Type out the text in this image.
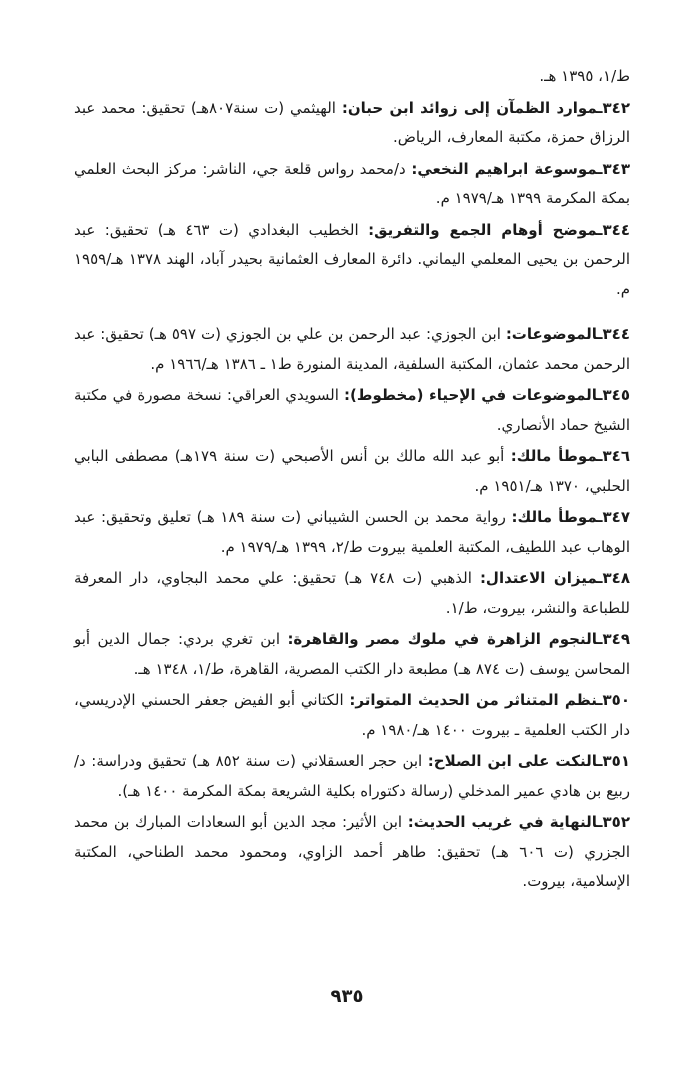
ط/١، ١٣٩٥ هـ.

٣٤٢ـموارد الظمآن إلى زوائد ابن حبان: الهيثمي (ت سنة٨٠٧هـ) تحقيق: محمد عبد الرزاق حمزة، مكتبة المعارف، الرياض.

٣٤٣ـموسوعة ابراهيم النخعي: د/محمد رواس قلعة جي، الناشر: مركز البحث العلمي بمكة المكرمة ١٣٩٩ هـ/١٩٧٩ م.

٣٤٤ـموضح أوهام الجمع والتفريق: الخطيب البغدادي (ت ٤٦٣ هـ) تحقيق: عبد الرحمن بن يحيى المعلمي اليماني. دائرة المعارف العثمانية بحيدر آباد، الهند ١٣٧٨ هـ/١٩٥٩ م.

٣٤٤ـالموضوعات: ابن الجوزي: عبد الرحمن بن علي بن الجوزي (ت ٥٩٧ هـ) تحقيق: عبد الرحمن محمد عثمان، المكتبة السلفية، المدينة المنورة ط١ ـ ١٣٨٦ هـ/١٩٦٦ م.

٣٤٥ـالموضوعات في الإحياء (مخطوط): السويدي العراقي: نسخة مصورة في مكتبة الشيخ حماد الأنصاري.

٣٤٦ـموطأ مالك: أبو عبد الله مالك بن أنس الأصبحي (ت سنة ١٧٩هـ) مصطفى البابي الحلبي، ١٣٧٠ هـ/١٩٥١ م.

٣٤٧ـموطأ مالك: رواية محمد بن الحسن الشيباني (ت سنة ١٨٩ هـ) تعليق وتحقيق: عبد الوهاب عبد اللطيف، المكتبة العلمية بيروت ط/٢، ١٣٩٩ هـ/١٩٧٩ م.

٣٤٨ـميزان الاعتدال: الذهبي (ت ٧٤٨ هـ) تحقيق: علي محمد البجاوي، دار المعرفة للطباعة والنشر، بيروت، ط/١.

٣٤٩ـالنجوم الزاهرة في ملوك مصر والقاهرة: ابن تغري بردي: جمال الدين أبو المحاسن يوسف (ت ٨٧٤ هـ) مطبعة دار الكتب المصرية، القاهرة، ط/١، ١٣٤٨ هـ.

٣٥٠ـنظم المتناثر من الحديث المتواتر: الكتاني أبو الفيض جعفر الحسني الإدريسي، دار الكتب العلمية ـ بيروت ١٤٠٠ هـ/١٩٨٠ م.

٣٥١ـالنكت على ابن الصلاح: ابن حجر العسقلاني (ت سنة ٨٥٢ هـ) تحقيق ودراسة: د/ربيع بن هادي عمير المدخلي (رسالة دكتوراه بكلية الشريعة بمكة المكرمة ١٤٠٠ هـ).

٣٥٢ـالنهاية في غريب الحديث: ابن الأثير: مجد الدين أبو السعادات المبارك بن محمد الجزري (ت ٦٠٦ هـ) تحقيق: طاهر أحمد الزاوي، ومحمود محمد الطناحي، المكتبة الإسلامية، بيروت.

٩٣٥
